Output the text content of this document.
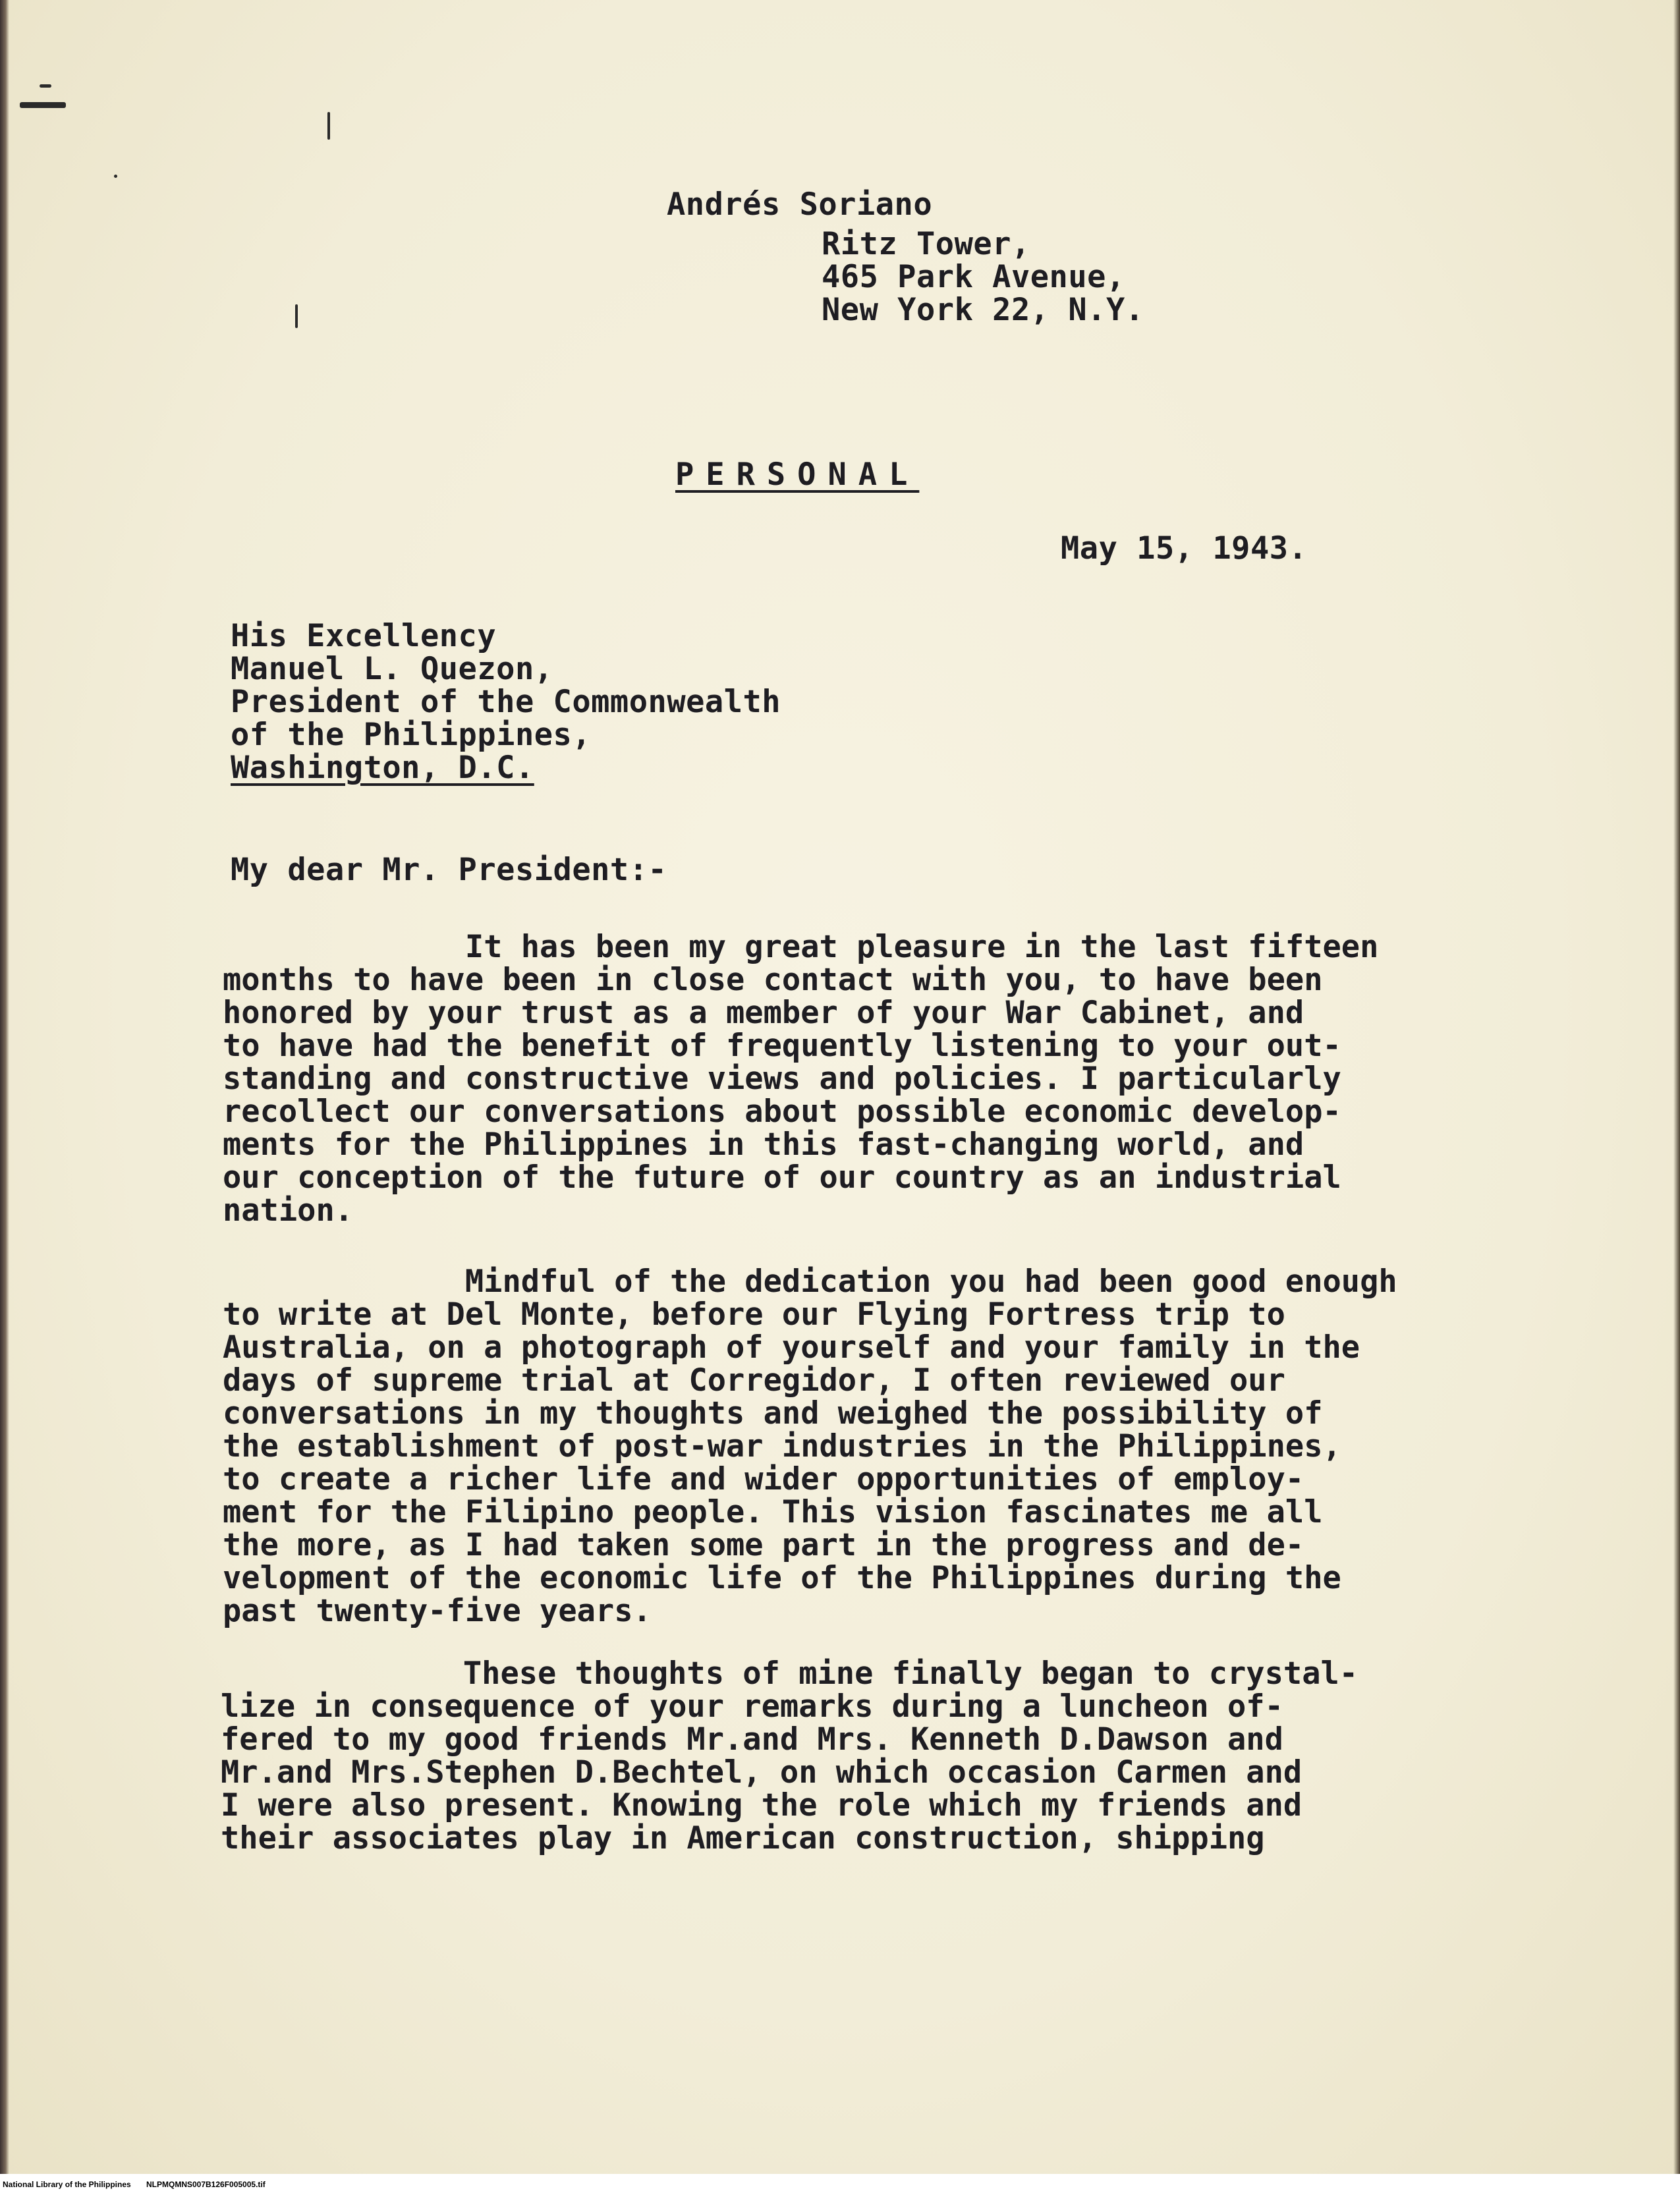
Andrés Soriano
Ritz Tower,
465 Park Avenue,
New York 22, N.Y.
PERSONAL
May 15, 1943.
His Excellency
Manuel L. Quezon,
President of the Commonwealth
of the Philippines,
Washington, D.C.
My dear Mr. President:-
It has been my great pleasure in the last fifteen
months to have been in close contact with you, to have been
honored by your trust as a member of your War Cabinet, and
to have had the benefit of frequently listening to your out-
standing and constructive views and policies. I particularly
recollect our conversations about possible economic develop-
ments for the Philippines in this fast-changing world, and
our conception of the future of our country as an industrial
nation.
Mindful of the dedication you had been good enough
to write at Del Monte, before our Flying Fortress trip to
Australia, on a photograph of yourself and your family in the
days of supreme trial at Corregidor, I often reviewed our
conversations in my thoughts and weighed the possibility of
the establishment of post-war industries in the Philippines,
to create a richer life and wider opportunities of employ-
ment for the Filipino people. This vision fascinates me all
the more, as I had taken some part in the progress and de-
velopment of the economic life of the Philippines during the
past twenty-five years.
These thoughts of mine finally began to crystal-
lize in consequence of your remarks during a luncheon of-
fered to my good friends Mr.and Mrs. Kenneth D.Dawson and
Mr.and Mrs.Stephen D.Bechtel, on which occasion Carmen and
I were also present. Knowing the role which my friends and
their associates play in American construction, shipping
National Library of the Philippines NLPMQMNS007B126F005005.tif
